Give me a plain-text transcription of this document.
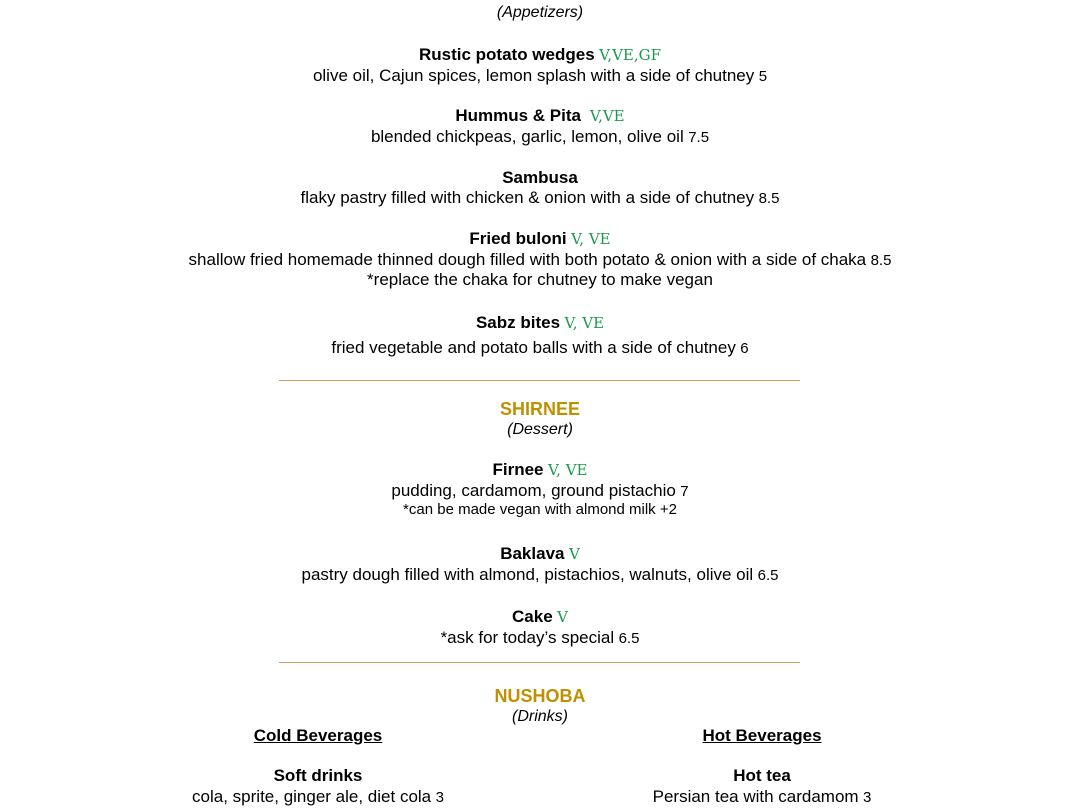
(Appetizers)
Rustic potato wedges V,VE,GF
olive oil, Cajun spices, lemon splash with a side of chutney 5
Hummus & Pita V,VE
blended chickpeas, garlic, lemon, olive oil 7.5
Sambusa
flaky pastry filled with chicken & onion with a side of chutney 8.5
Fried buloni V, VE
shallow fried homemade thinned dough filled with both potato & onion with a side of chaka 8.5
*replace the chaka for chutney to make vegan
Sabz bites V, VE
fried vegetable and potato balls with a side of chutney 6
SHIRNEE
(Dessert)
Firnee V, VE
pudding, cardamom, ground pistachio 7
*can be made vegan with almond milk +2
Baklava V
pastry dough filled with almond, pistachios, walnuts, olive oil 6.5
Cake V
*ask for today’s special 6.5
NUSHOBA
(Drinks)
Cold Beverages
Soft drinks
cola, sprite, ginger ale, diet cola 3
Hot Beverages
Hot tea
Persian tea with cardamom 3
